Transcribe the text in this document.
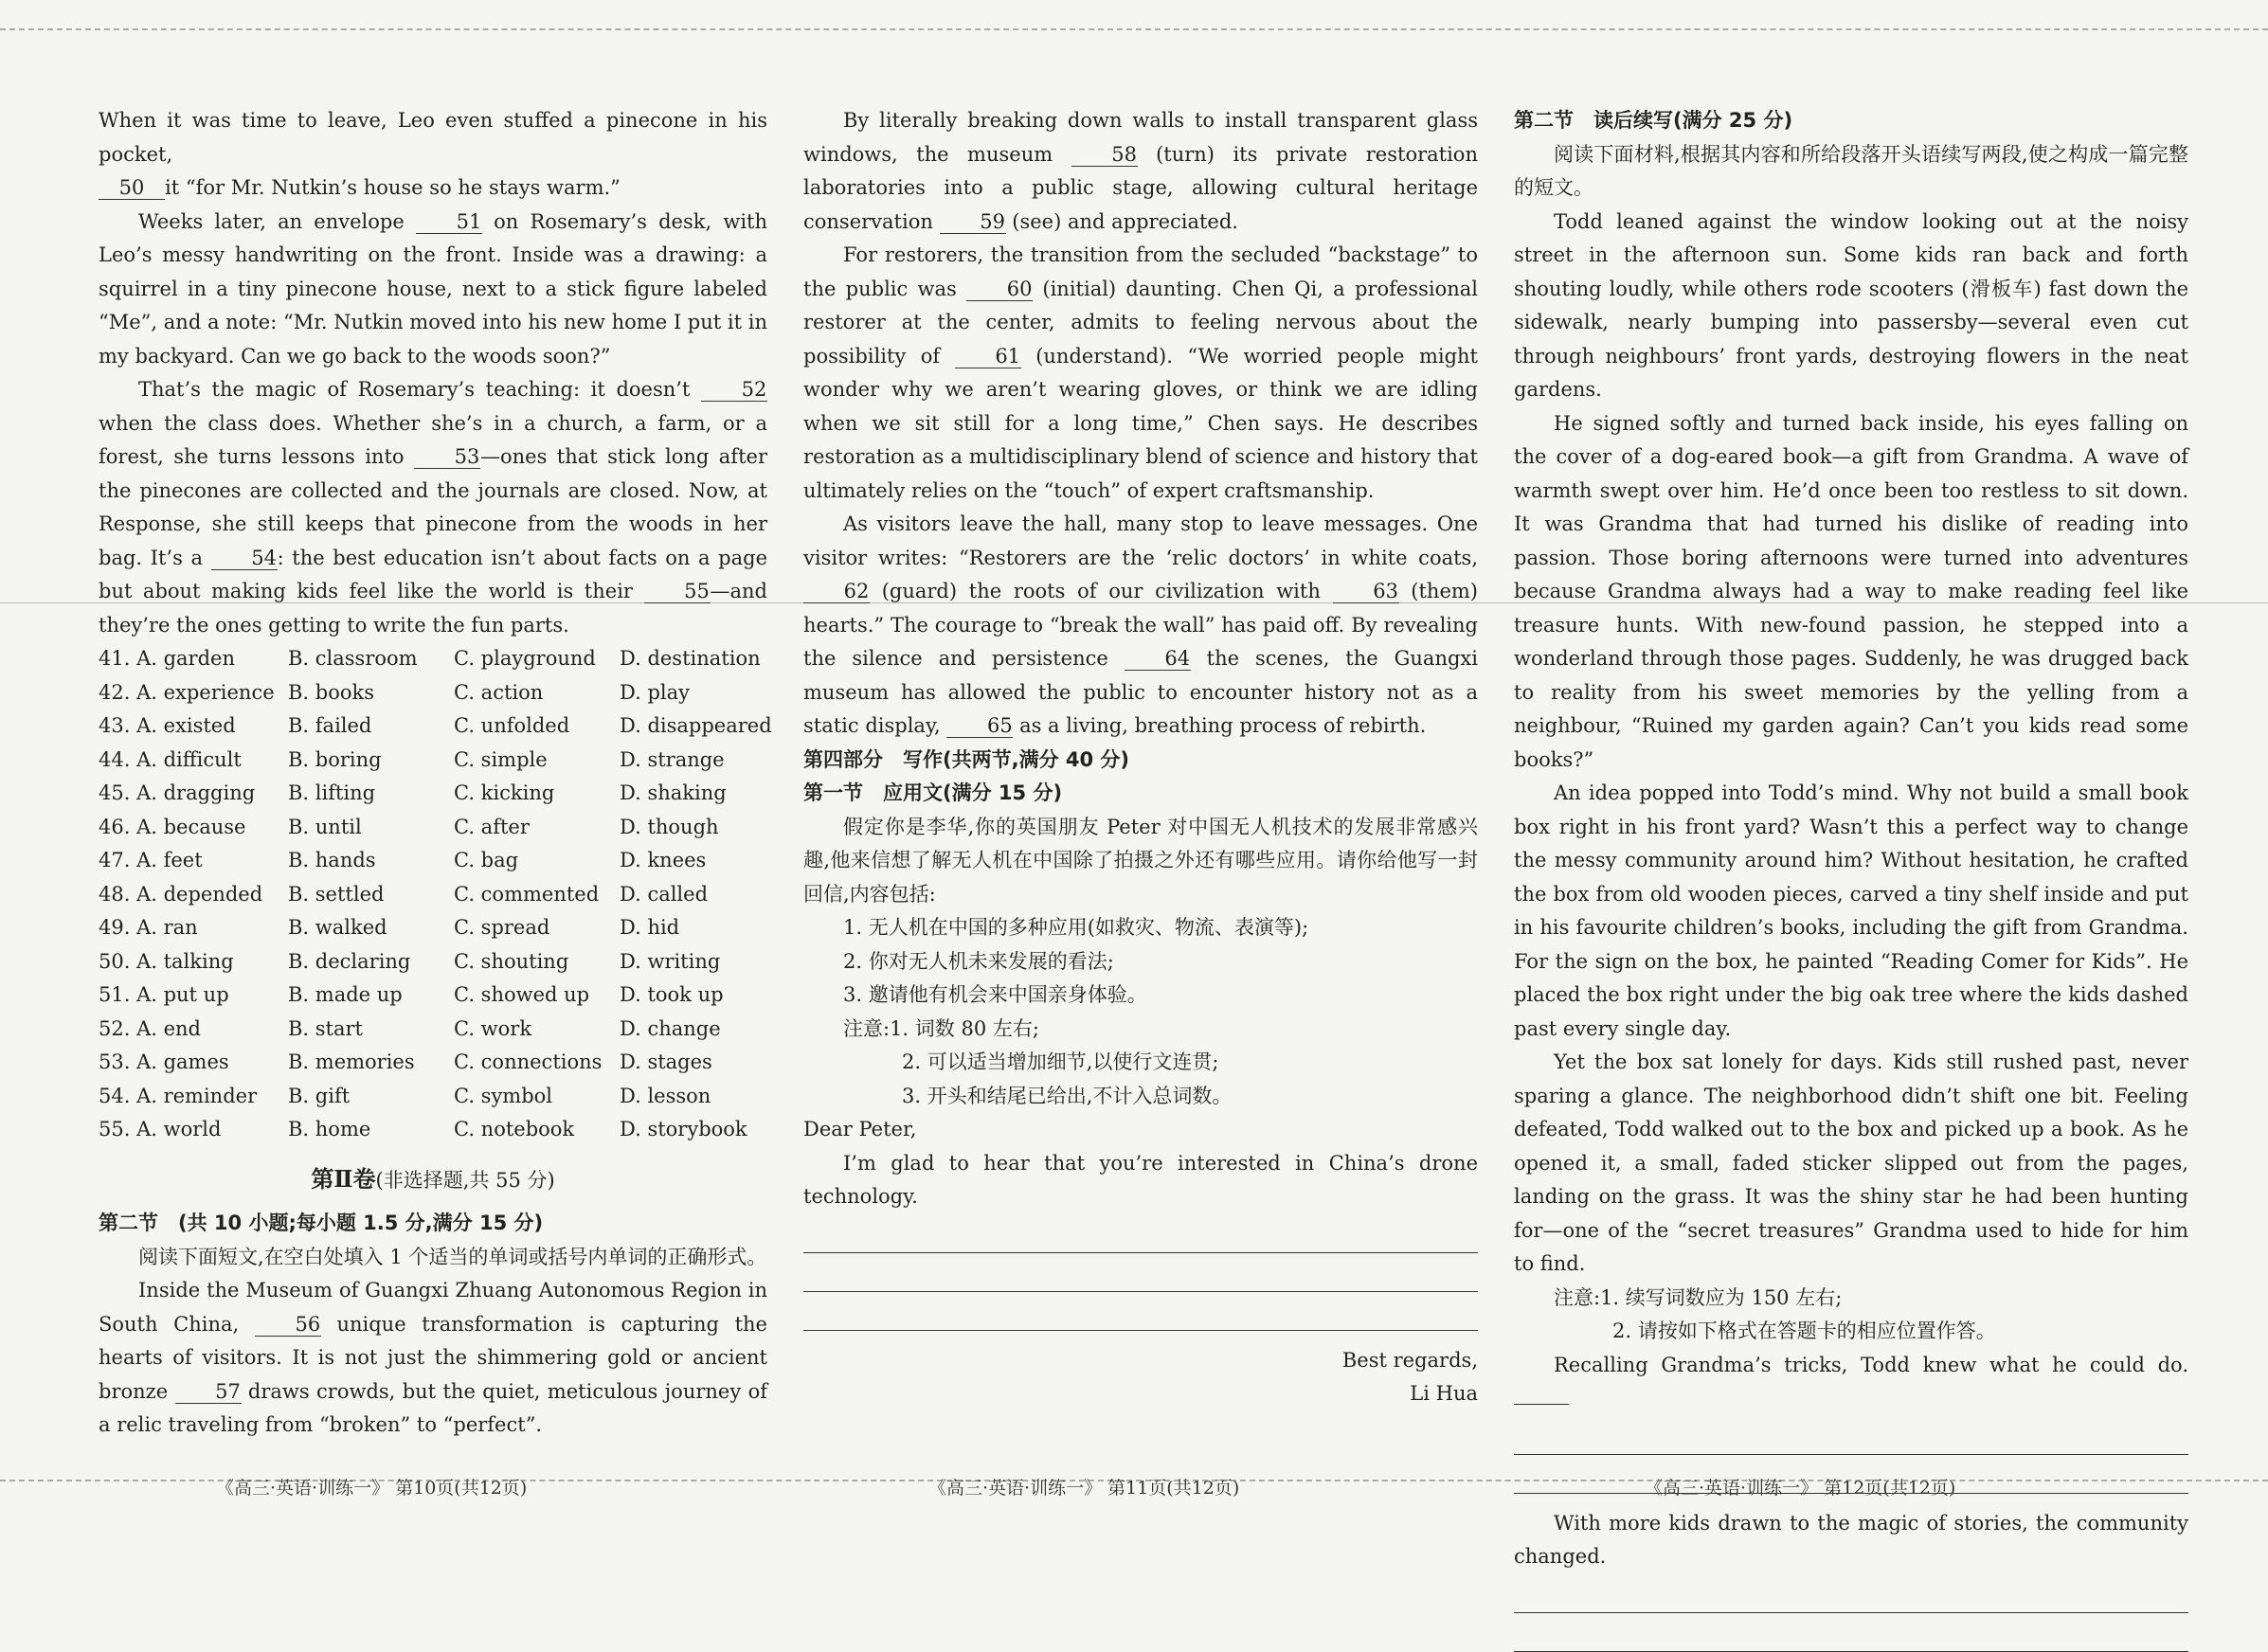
When it was time to leave, Leo even stuffed a pinecone in his pocket,
50 it “for Mr. Nutkin’s house so he stays warm.”

Weeks later, an envelope	51 on Rosemary’s desk, with Leo’s messy handwriting on the front. Inside was a drawing: a squirrel in a tiny pinecone house, next to a stick figure labeled “Me”, and a note: “Mr. Nutkin moved into his new home I put it in my backyard. Can we go back to the woods soon?”

That’s the magic of Rosemary’s teaching: it doesn’t	52 when the class does. Whether she’s in a church, a farm, or a forest, she turns lessons into	53—ones that stick long after the pinecones are collected and the journals are closed. Now, at Response, she still keeps that pinecone from the woods in her bag. It’s a 54: the best education isn’t about facts on a page but about making kids feel like the world is their	55—and they’re the ones getting to write the fun parts.

41. A. garden	B. classroom	C. playground	D. destination
42. A. experience B. books	C. action	D. play
43. A. existed	B. failed	C. unfolded	D. disappeared
44. A. difficult	B. boring	C. simple	D. strange
45. A. dragging	B. lifting	C. kicking	D. shaking
46. A. because	B. until	C. after	D. though
47. A. feet	B. hands	C. bag	D. knees
48. A. depended	B. settled	C. commented	D. called
49. A. ran	B. walked	C. spread	D. hid
50. A. talking	B. declaring	C. shouting	D. writing
51. A. put up	B. made up	C. showed up	D. took up
52. A. end	B. start	C. work	D. change
53. A. games	B. memories	C. connections D. stages
54. A. reminder	B. gift	C. symbol	D. lesson
55. A. world	B. home	C. notebook	D. storybook
第Ⅱ卷(非选择题,共 55 分)

第二节　(共 10 小题;每小题 1.5 分,满分 15 分)

阅读下面短文,在空白处填入 1 个适当的单词或括号内单词的正确形式。

Inside the Museum of Guangxi Zhuang Autonomous Region in South China,	56 unique transformation is capturing the hearts of visitors. It is not just the shimmering gold or ancient bronze 57 draws crowds, but the quiet, meticulous journey of a relic traveling from “broken” to “perfect”.

《高三·英语·训练一》 第10页(共12页)

By literally breaking down walls to install transparent glass windows, the museum	58 (turn) its private restoration laboratories into a public stage, allowing cultural heritage conservation 59 (see) and appreciated.

For restorers, the transition from the secluded “backstage” to the public was	60 (initial) daunting. Chen Qi, a professional restorer at the center, admits to feeling nervous about the possibility of	61 (understand). “We worried people might wonder why we aren’t wearing gloves, or think we are idling when we sit still for a long time,” Chen says. He describes restoration as a multidisciplinary blend of science and history that ultimately relies on the “touch” of expert craftsmanship.

As visitors leave the hall, many stop to leave messages. One visitor writes: “Restorers are the ‘relic doctors’ in white coats, 62 (guard) the roots of our civilization with	63 (them) hearts.” The courage to “break the wall” has paid off. By revealing the silence and persistence	64 the scenes, the Guangxi museum has allowed the public to encounter history not as a static display, 65 as a living, breathing process of rebirth.

第四部分　写作(共两节,满分 40 分)

第一节　应用文(满分 15 分)

假定你是李华,你的英国朋友 Peter 对中国无人机技术的发展非常感兴趣,他来信想了解无人机在中国除了拍摄之外还有哪些应用。请你给他写一封回信,内容包括:

1. 无人机在中国的多种应用(如救灾、物流、表演等);

2. 你对无人机未来发展的看法;

3. 邀请他有机会来中国亲身体验。

注意:1. 词数 80 左右;

2. 可以适当增加细节,以使行文连贯;

3. 开头和结尾已给出,不计入总词数。

Dear Peter,

I’m glad to hear that you’re interested in China’s drone technology.

Best regards,

Li Hua

《高三·英语·训练一》 第11页(共12页)

第二节　读后续写(满分 25 分)

阅读下面材料,根据其内容和所给段落开头语续写两段,使之构成一篇完整的短文。

Todd leaned against the window looking out at the noisy street in the afternoon sun. Some kids ran back and forth shouting loudly, while others rode scooters (滑板车) fast down the sidewalk, nearly bumping into passersby—several even cut through neighbours’ front yards, destroying flowers in the neat gardens.

He signed softly and turned back inside, his eyes falling on the cover of a dog-eared book—a gift from Grandma. A wave of warmth swept over him. He’d once been too restless to sit down. It was Grandma that had turned his dislike of reading into passion. Those boring afternoons were turned into adventures because Grandma always had a way to make reading feel like treasure hunts. With new-found passion, he stepped into a wonderland through those pages. Suddenly, he was drugged back to reality from his sweet memories by the yelling from a neighbour, “Ruined my garden again? Can’t you kids read some books?”

An idea popped into Todd’s mind. Why not build a small book box right in his front yard? Wasn’t this a perfect way to change the messy community around him? Without hesitation, he crafted the box from old wooden pieces, carved a tiny shelf inside and put in his favourite children’s books, including the gift from Grandma. For the sign on the box, he painted “Reading Comer for Kids”. He placed the box right under the big oak tree where the kids dashed past every single day.

Yet the box sat lonely for days. Kids still rushed past, never sparing a glance. The neighborhood didn’t shift one bit. Feeling defeated, Todd walked out to the box and picked up a book. As he opened it, a small, faded sticker slipped out from the pages, landing on the grass. It was the shiny star he had been hunting for—one of the “secret treasures” Grandma used to hide for him to find.

注意:1. 续写词数应为 150 左右;

2. 请按如下格式在答题卡的相应位置作答。

Recalling Grandma’s tricks, Todd knew what he could do.

With more kids drawn to the magic of stories, the community changed.

《高三·英语·训练一》 第12页(共12页)
